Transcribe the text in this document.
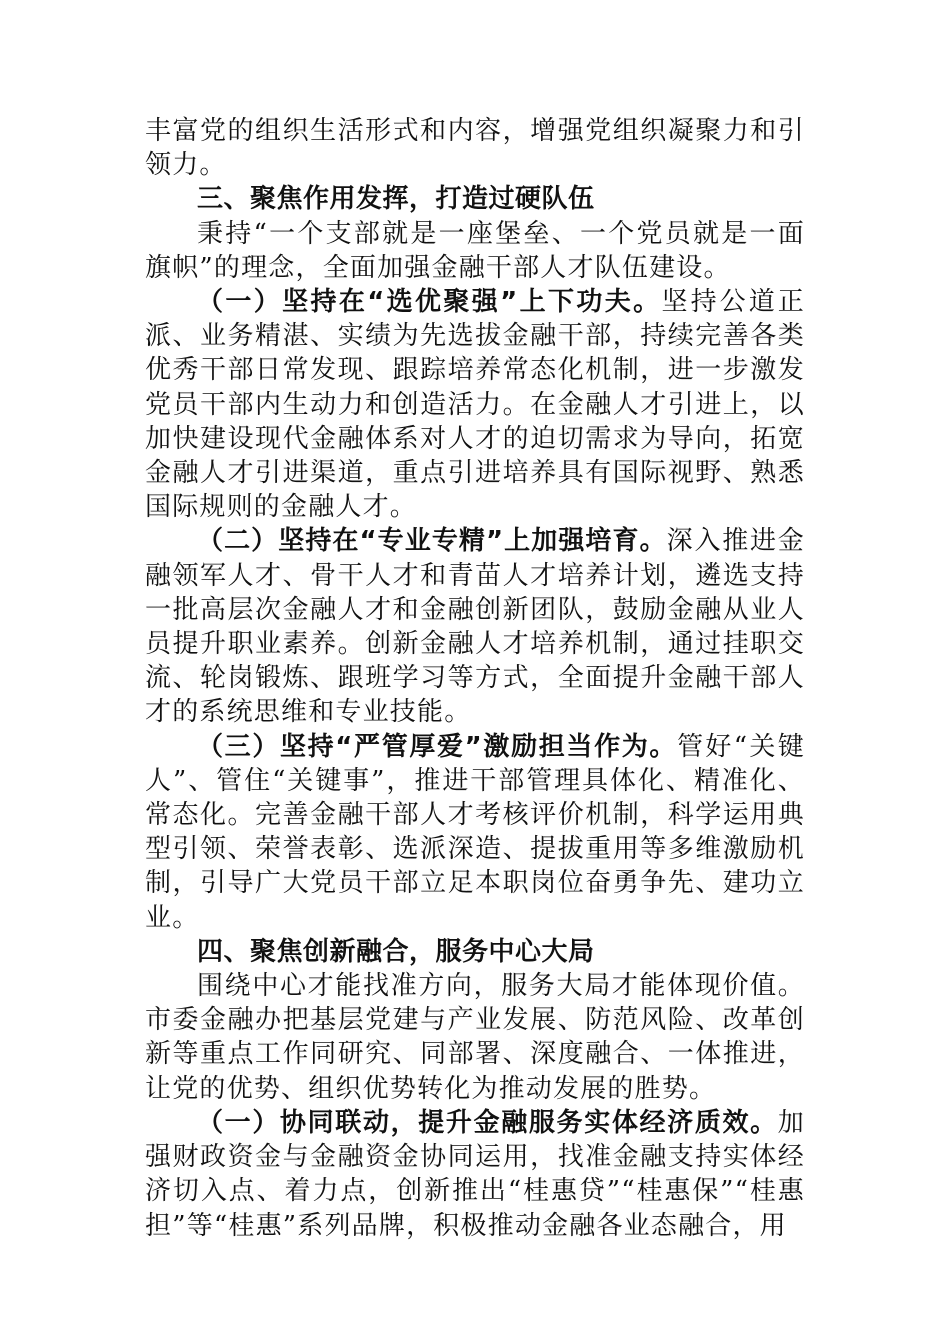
丰富党的组织生活形式和内容，增强党组织凝聚力和引领力。

三、聚焦作用发挥，打造过硬队伍

秉持“一个支部就是一座堡垒、一个党员就是一面旗帜”的理念，全面加强金融干部人才队伍建设。

（一）坚持在“选优聚强”上下功夫。坚持公道正派、业务精湛、实绩为先选拔金融干部，持续完善各类优秀干部日常发现、跟踪培养常态化机制，进一步激发党员干部内生动力和创造活力。在金融人才引进上，以加快建设现代金融体系对人才的迫切需求为导向，拓宽金融人才引进渠道，重点引进培养具有国际视野、熟悉国际规则的金融人才。

（二）坚持在“专业专精”上加强培育。深入推进金融领军人才、骨干人才和青苗人才培养计划，遴选支持一批高层次金融人才和金融创新团队，鼓励金融从业人员提升职业素养。创新金融人才培养机制，通过挂职交流、轮岗锻炼、跟班学习等方式，全面提升金融干部人才的系统思维和专业技能。

（三）坚持“严管厚爱”激励担当作为。管好“关键人”、管住“关键事”，推进干部管理具体化、精准化、常态化。完善金融干部人才考核评价机制，科学运用典型引领、荣誉表彰、选派深造、提拔重用等多维激励机制，引导广大党员干部立足本职岗位奋勇争先、建功立业。

四、聚焦创新融合，服务中心大局

围绕中心才能找准方向，服务大局才能体现价值。市委金融办把基层党建与产业发展、防范风险、改革创新等重点工作同研究、同部署、深度融合、一体推进，让党的优势、组织优势转化为推动发展的胜势。

（一）协同联动，提升金融服务实体经济质效。加强财政资金与金融资金协同运用，找准金融支持实体经济切入点、着力点，创新推出“桂惠贷”“桂惠保”“桂惠担”等“桂惠”系列品牌，积极推动金融各业态融合，用
